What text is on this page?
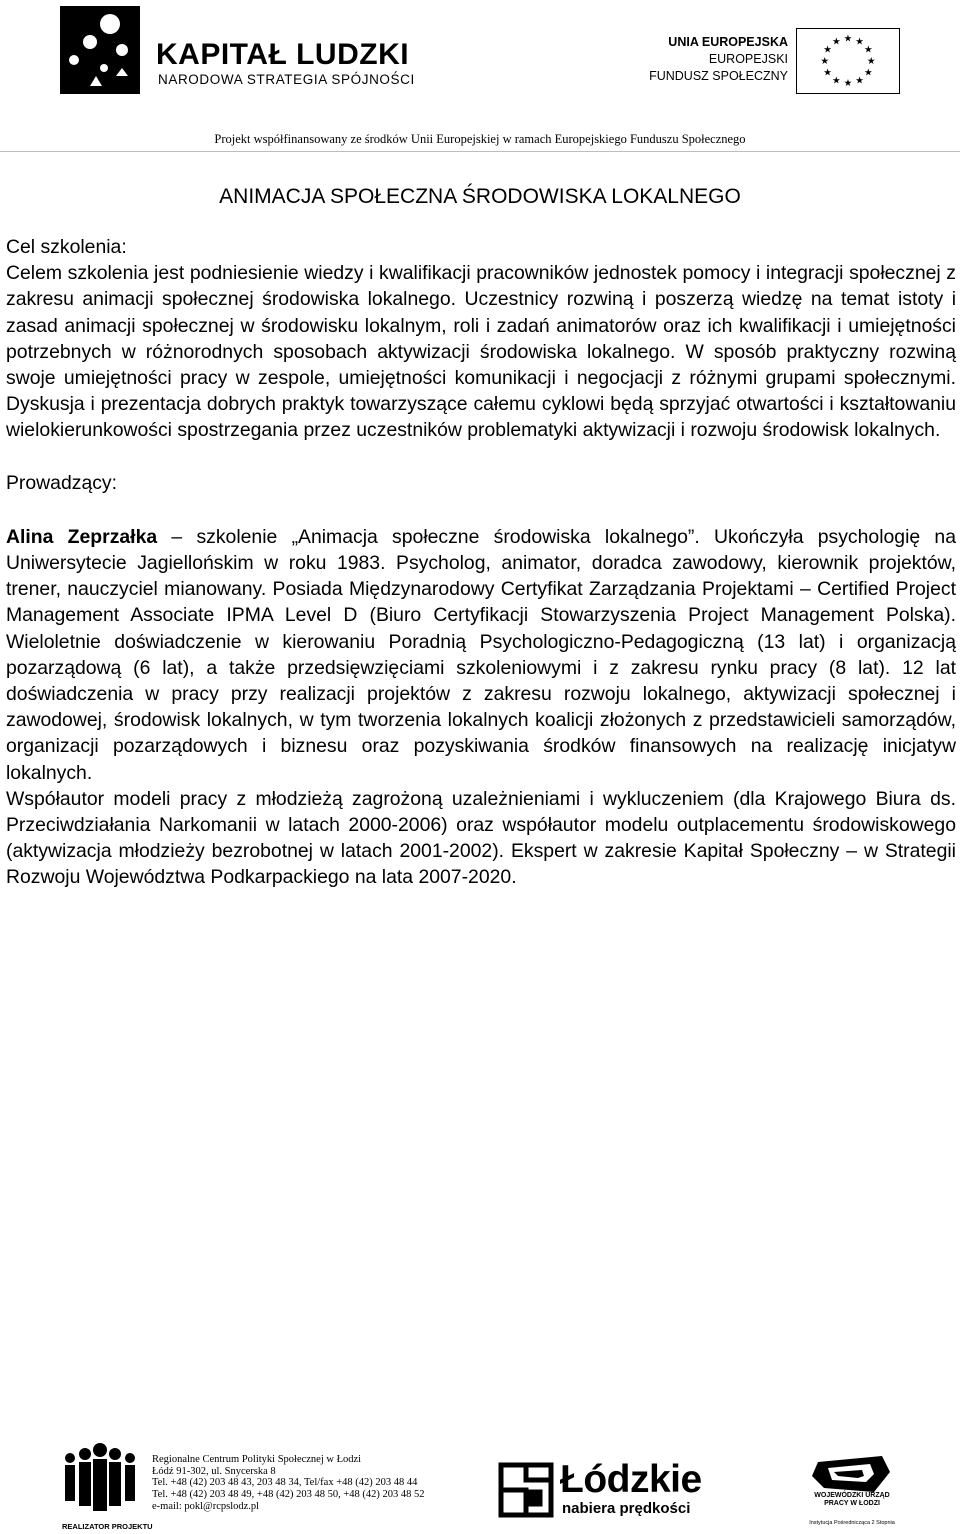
KAPITAŁ LUDZKI
NARODOWA STRATEGIA SPÓJNOŚCI
UNIA EUROPEJSKA
EUROPEJSKI
FUNDUSZ SPOŁECZNY
★ ★
★
★
★
★
★
★
★
★
★
★
Projekt współfinansowany ze środków Unii Europejskiej w ramach Europejskiego Funduszu Społecznego
ANIMACJA SPOŁECZNA ŚRODOWISKA LOKALNEGO
Cel szkolenia:

Celem szkolenia jest podniesienie wiedzy i kwalifikacji pracowników jednostek pomocy i integracji społecznej z zakresu animacji społecznej środowiska lokalnego. Uczestnicy rozwiną i poszerzą wiedzę na temat istoty i zasad animacji społecznej w środowisku lokalnym, roli i zadań animatorów oraz ich kwalifikacji i umiejętności potrzebnych w różnorodnych sposobach aktywizacji środowiska lokalnego. W sposób praktyczny rozwiną swoje umiejętności pracy w zespole, umiejętności komunikacji i negocjacji z różnymi grupami społecznymi. Dyskusja i prezentacja dobrych praktyk towarzyszące całemu cyklowi będą sprzyjać otwartości i kształtowaniu wielokierunkowości spostrzegania przez uczestników problematyki aktywizacji i rozwoju środowisk lokalnych.

Prowadzący:

Alina Zeprzałka – szkolenie „Animacja społeczne środowiska lokalnego”. Ukończyła psychologię na Uniwersytecie Jagiellońskim w roku 1983. Psycholog, animator, doradca zawodowy, kierownik projektów, trener, nauczyciel mianowany. Posiada Międzynarodowy Certyfikat Zarządzania Projektami – Certified Project Management Associate IPMA Level D (Biuro Certyfikacji Stowarzyszenia Project Management Polska). Wieloletnie doświadczenie w kierowaniu Poradnią Psychologiczno-Pedagogiczną (13 lat) i organizacją pozarządową (6 lat), a także przedsięwzięciami szkoleniowymi i z zakresu rynku pracy (8 lat). 12 lat doświadczenia w pracy przy realizacji projektów z zakresu rozwoju lokalnego, aktywizacji społecznej i zawodowej, środowisk lokalnych, w tym tworzenia lokalnych koalicji złożonych z przedstawicieli samorządów, organizacji pozarządowych i biznesu oraz pozyskiwania środków finansowych na realizację inicjatyw lokalnych.

Współautor modeli pracy z młodzieżą zagrożoną uzależnieniami i wykluczeniem (dla Krajowego Biura ds. Przeciwdziałania Narkomanii w latach 2000-2006) oraz współautor modelu outplacementu środowiskowego (aktywizacja młodzieży bezrobotnej w latach 2001-2002). Ekspert w zakresie Kapitał Społeczny – w Strategii Rozwoju Województwa Podkarpackiego na lata 2007-2020.

REALIZATOR PROJEKTU
Regionalne Centrum Polityki Społecznej w Łodzi
Łódź 91-302, ul. Snycerska 8
Tel. +48 (42) 203 48 43, 203 48 34, Tel/fax +48 (42) 203 48 44
Tel. +48 (42) 203 48 49, +48 (42) 203 48 50, +48 (42) 203 48 52
e-mail: pokl@rcpslodz.pl
Łódzkie
nabiera prędkości
WOJEWÓDZKI URZĄD PRACY W ŁODZI
Instytucja Pośrednicząca 2 Stopnia
